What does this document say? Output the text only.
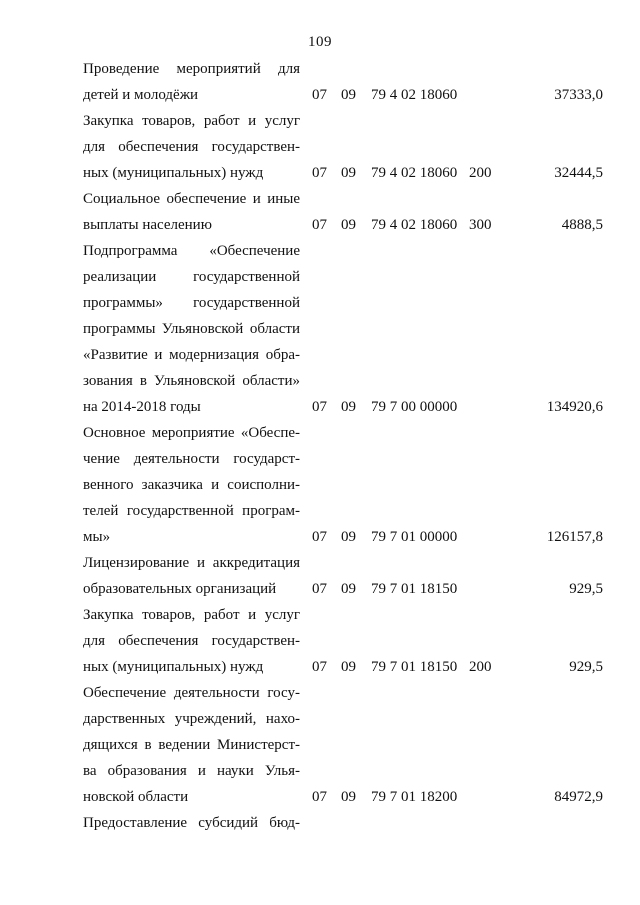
109
Проведение мероприятий для
детей и молодёжи	07 09 79 4 02 18060	37333,0
Закупка товаров, работ и услуг
для обеспечения государствен-
ных (муниципальных) нужд	07 09 79 4 02 18060 200	32444,5
Социальное обеспечение и иные
выплаты населению	07 09 79 4 02 18060 300	4888,5
Подпрограмма «Обеспечение
реализации государственной
программы» государственной
программы Ульяновской области
«Развитие и модернизация обра-
зования в Ульяновской области»
на 2014-2018 годы	07 09 79 7 00 00000	134920,6
Основное мероприятие «Обеспе-
чение деятельности государст-
венного заказчика и соисполни-
телей государственной програм-
мы»	07 09 79 7 01 00000	126157,8
Лицензирование и аккредитация
образовательных организаций	07 09 79 7 01 18150	929,5
Закупка товаров, работ и услуг
для обеспечения государствен-
ных (муниципальных) нужд	07 09 79 7 01 18150 200	929,5
Обеспечение деятельности госу-
дарственных учреждений, нахо-
дящихся в ведении Министерст-
ва образования и науки Улья-
новской области	07 09 79 7 01 18200	84972,9
Предоставление субсидий бюд-
